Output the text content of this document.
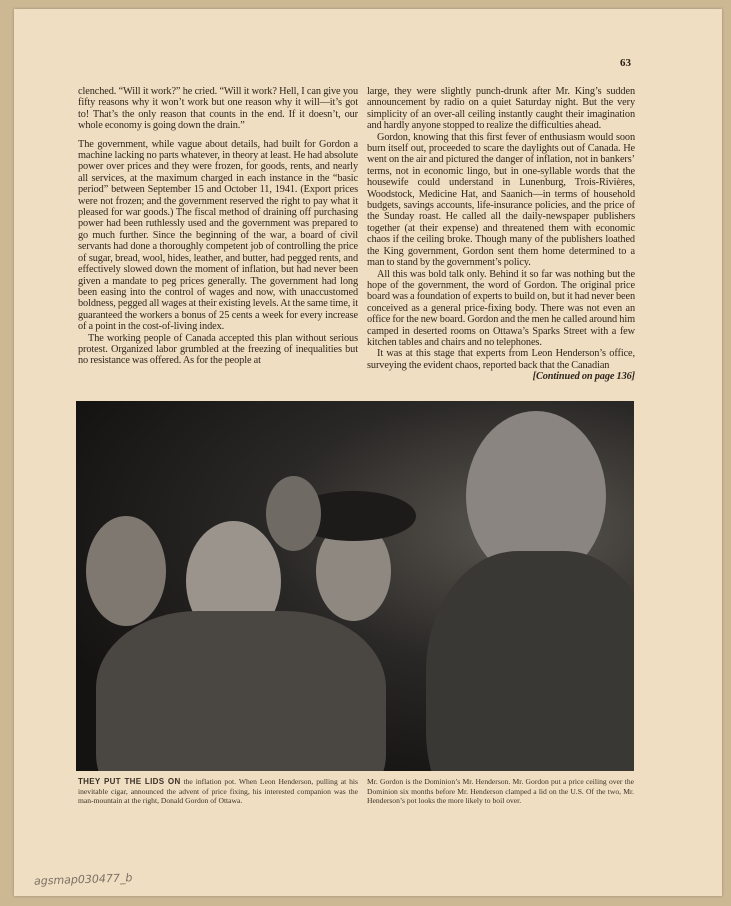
63

clenched. “Will it work?” he cried. “Will it work? Hell, I can give you fifty reasons why it won’t work but one reason why it will—it’s got to! That’s the only reason that counts in the end. If it doesn’t, our whole economy is going down the drain.”

The government, while vague about details, had built for Gordon a machine lacking no parts whatever, in theory at least. He had absolute power over prices and they were frozen, for goods, rents, and nearly all services, at the maximum charged in each instance in the “basic period” between September 15 and October 11, 1941. (Export prices were not frozen; and the government reserved the right to pay what it pleased for war goods.) The fiscal method of draining off purchasing power had been ruthlessly used and the government was prepared to go much further. Since the beginning of the war, a board of civil servants had done a thoroughly competent job of controlling the price of sugar, bread, wool, hides, leather, and butter, had pegged rents, and effectively slowed down the moment of inflation, but had never been given a mandate to peg prices generally. The government had long been easing into the control of wages and now, with unaccustomed boldness, pegged all wages at their existing levels. At the same time, it guaranteed the workers a bonus of 25 cents a week for every increase of a point in the cost-of-living index.

The working people of Canada accepted this plan without serious protest. Organized labor grumbled at the freezing of inequalities but no resistance was offered. As for the people at

large, they were slightly punch-drunk after Mr. King’s sudden announcement by radio on a quiet Saturday night. But the very simplicity of an over-all ceiling instantly caught their imagination and hardly anyone stopped to realize the difficulties ahead.

Gordon, knowing that this first fever of enthusiasm would soon burn itself out, proceeded to scare the daylights out of Canada. He went on the air and pictured the danger of inflation, not in bankers’ terms, not in economic lingo, but in one-syllable words that the housewife could understand in Lunenburg, Trois-Rivières, Woodstock, Medicine Hat, and Saanich—in terms of household budgets, savings accounts, life-insurance policies, and the price of the Sunday roast. He called all the daily-newspaper publishers together (at their expense) and threatened them with economic chaos if the ceiling broke. Though many of the publishers loathed the King government, Gordon sent them home determined to a man to stand by the government’s policy.

All this was bold talk only. Behind it so far was nothing but the hope of the government, the word of Gordon. The original price board was a foundation of experts to build on, but it had never been conceived as a general price-fixing body. There was not even an office for the new board. Gordon and the men he called around him camped in deserted rooms on Ottawa’s Sparks Street with a few kitchen tables and chairs and no telephones.

It was at this stage that experts from Leon Henderson’s office, surveying the evident chaos, reported back that the Canadian

[Continued on page 136]
THEY PUT THE LIDS ON the inflation pot. When Leon Henderson, pulling at his inevitable cigar, announced the advent of price fixing, his interested companion was the man-mountain at the right, Donald Gordon of Ottawa.
Mr. Gordon is the Dominion’s Mr. Henderson. Mr. Gordon put a price ceiling over the Dominion six months before Mr. Henderson clamped a lid on the U.S. Of the two, Mr. Henderson’s pot looks the more likely to boil over.
agsmap030477_b
